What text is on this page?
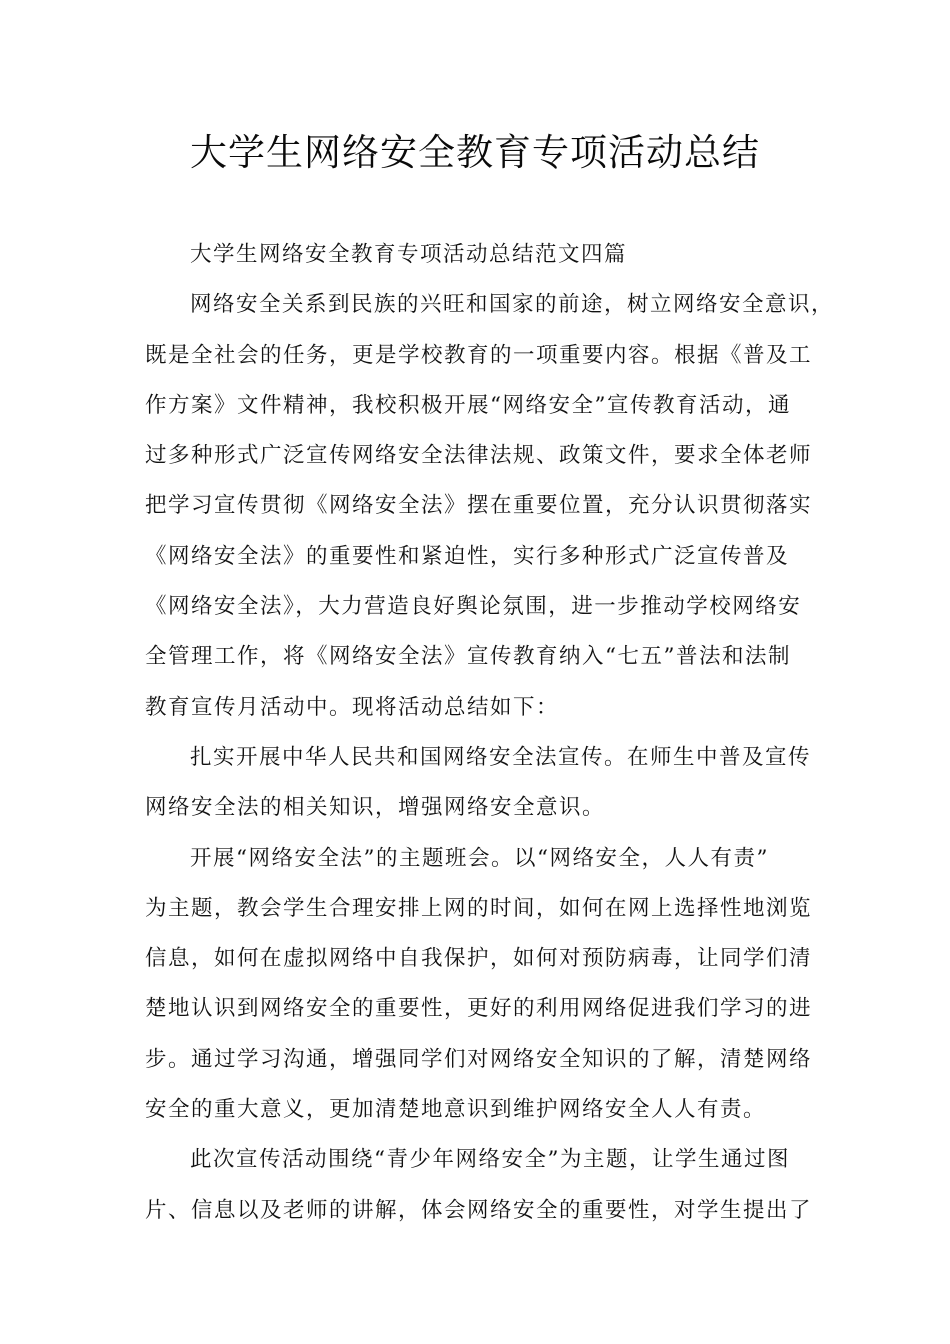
大学生网络安全教育专项活动总结
大学生网络安全教育专项活动总结范文四篇
网络安全关系到民族的兴旺和国家的前途，树立网络安全意识，
既是全社会的任务，更是学校教育的一项重要内容。根据《普及工
作方案》文件精神，我校积极开展“网络安全”宣传教育活动，通
过多种形式广泛宣传网络安全法律法规、政策文件，要求全体老师
把学习宣传贯彻《网络安全法》摆在重要位置，充分认识贯彻落实
《网络安全法》的重要性和紧迫性，实行多种形式广泛宣传普及
《网络安全法》，大力营造良好舆论氛围，进一步推动学校网络安
全管理工作，将《网络安全法》宣传教育纳入“七五”普法和法制
教育宣传月活动中。现将活动总结如下：
扎实开展中华人民共和国网络安全法宣传。在师生中普及宣传
网络安全法的相关知识，增强网络安全意识。
开展“网络安全法”的主题班会。以“网络安全，人人有责”
为主题，教会学生合理安排上网的时间，如何在网上选择性地浏览
信息，如何在虚拟网络中自我保护，如何对预防病毒，让同学们清
楚地认识到网络安全的重要性，更好的利用网络促进我们学习的进
步。通过学习沟通，增强同学们对网络安全知识的了解，清楚网络
安全的重大意义，更加清楚地意识到维护网络安全人人有责。
此次宣传活动围绕“青少年网络安全”为主题，让学生通过图
片、信息以及老师的讲解，体会网络安全的重要性，对学生提出了
